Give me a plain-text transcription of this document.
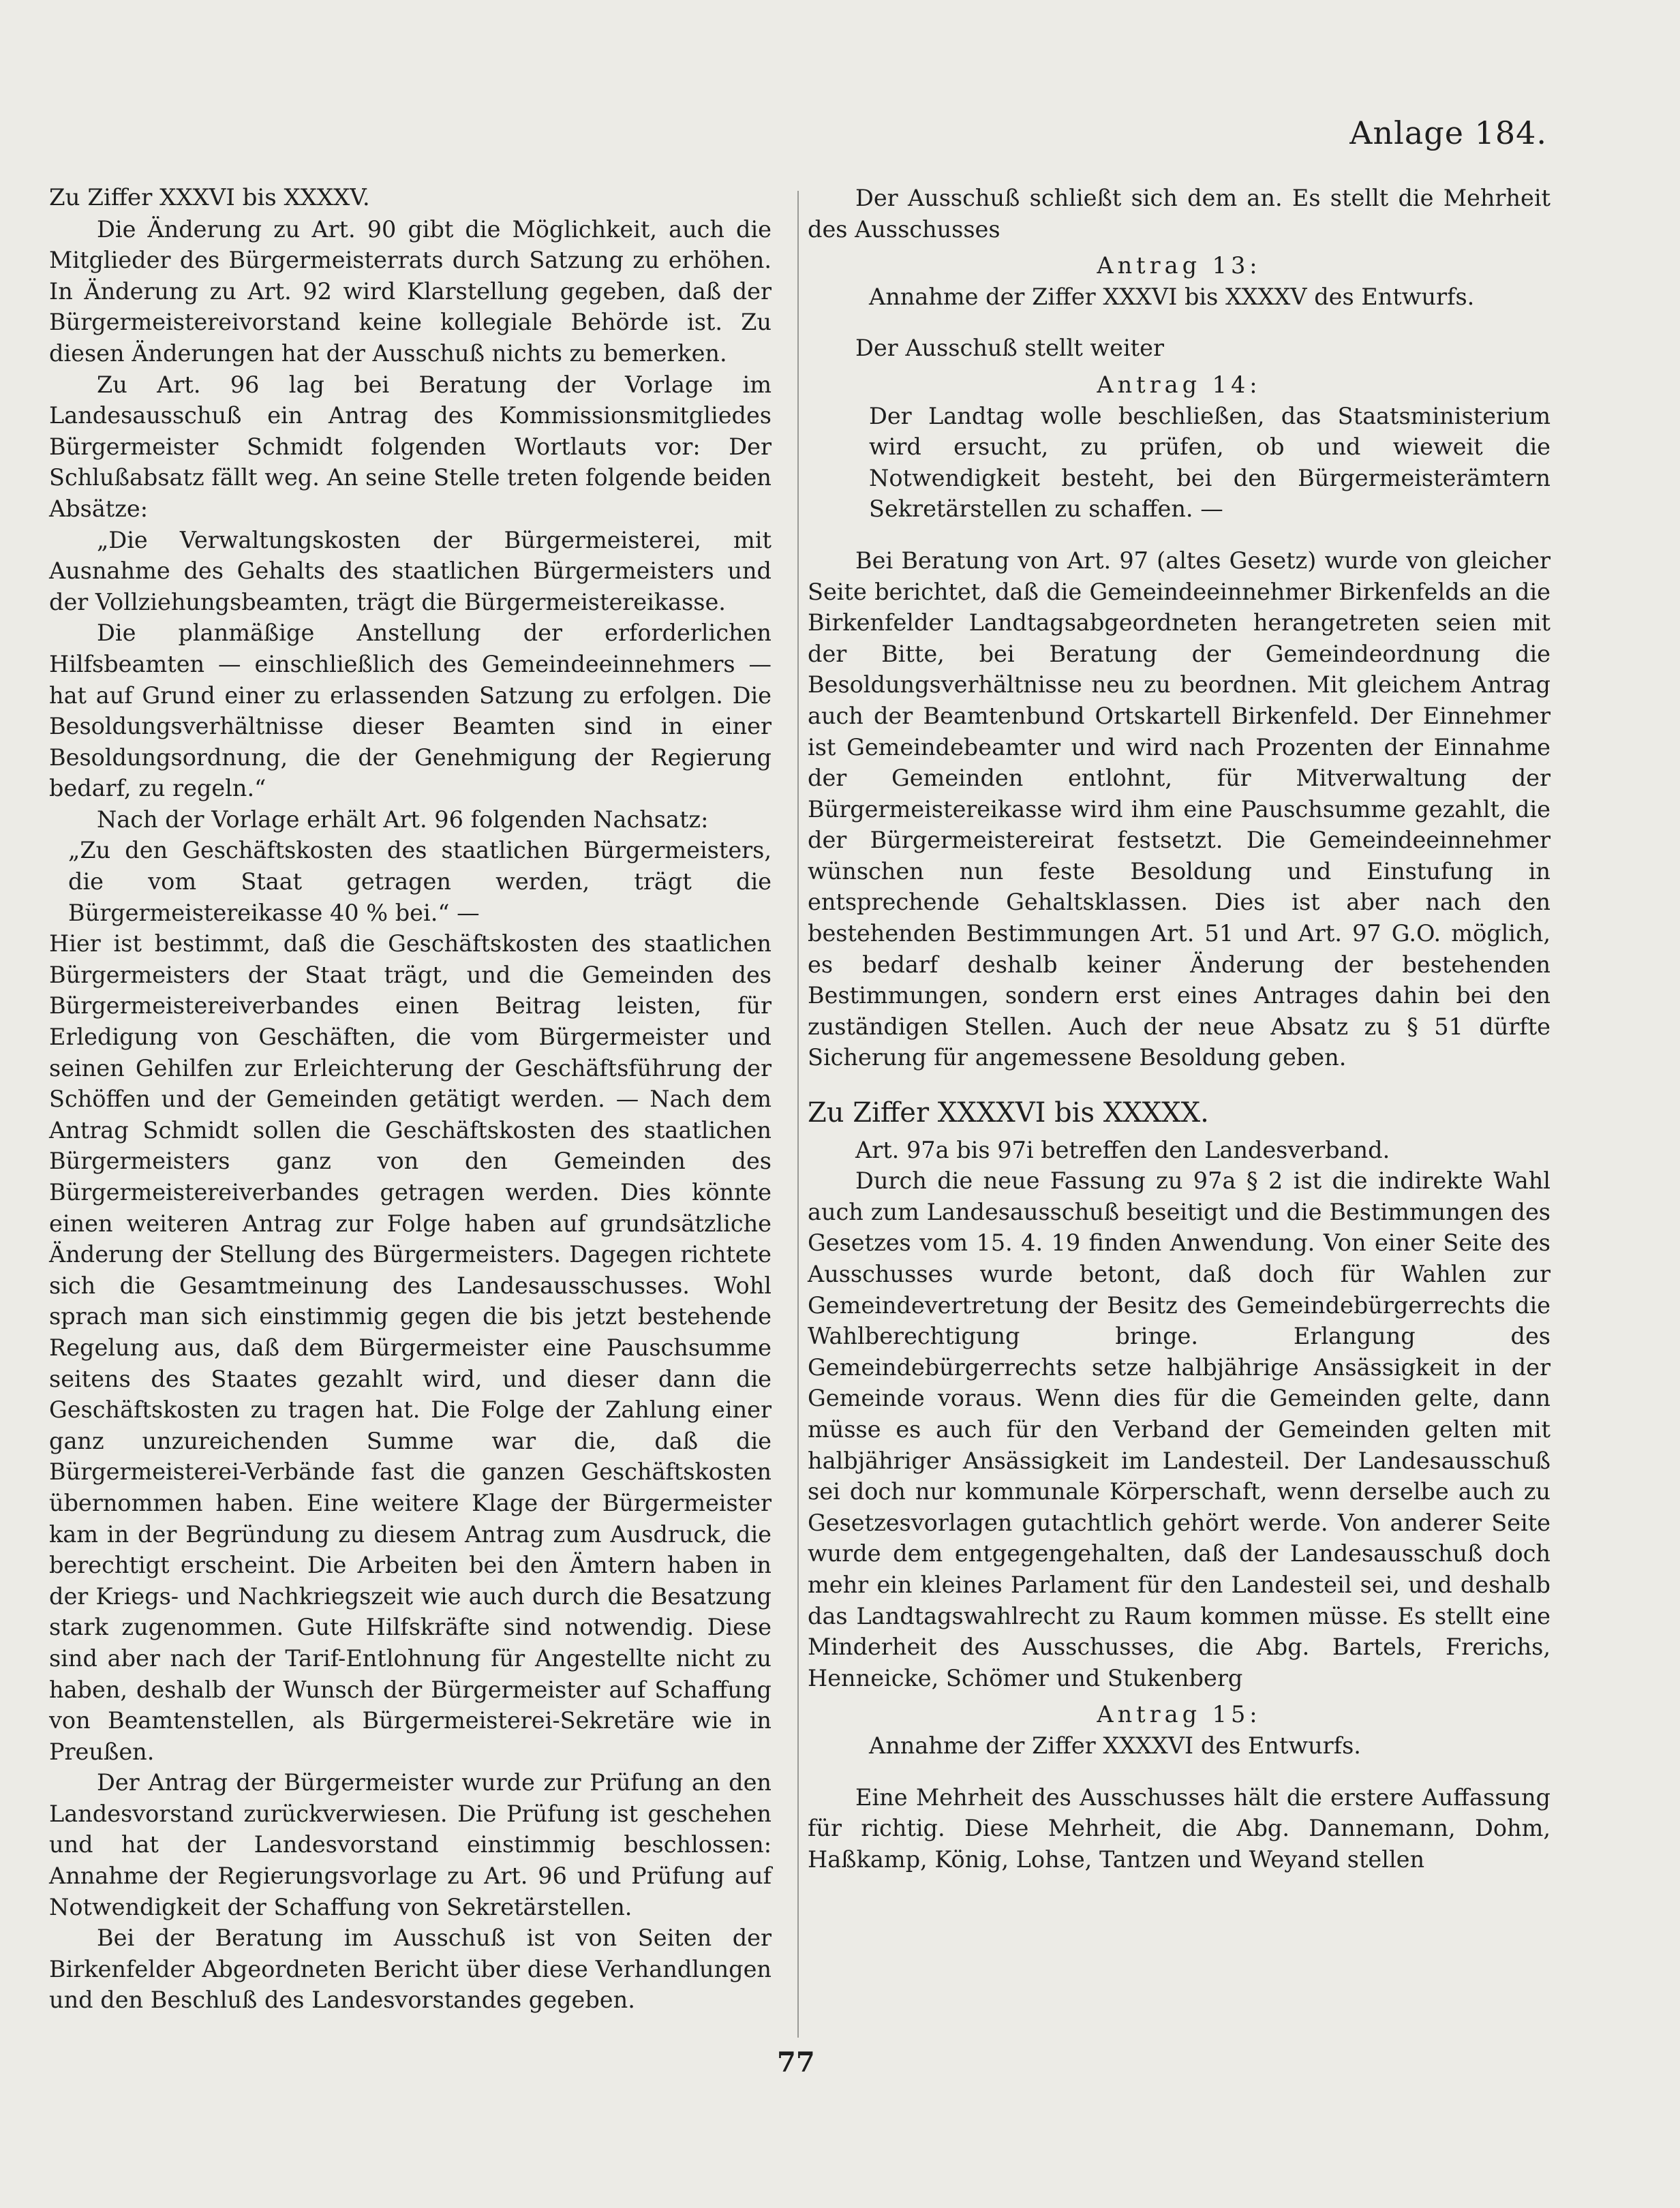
Anlage 184.
Zu Ziffer XXXVI bis XXXXV.

Die Änderung zu Art. 90 gibt die Möglichkeit, auch die Mitglieder des Bürgermeisterrats durch Satzung zu erhöhen. In Änderung zu Art. 92 wird Klarstellung gegeben, daß der Bürgermeistereivorstand keine kollegiale Behörde ist. Zu diesen Änderungen hat der Ausschuß nichts zu bemerken.

Zu Art. 96 lag bei Beratung der Vorlage im Landesausschuß ein Antrag des Kommissionsmitgliedes Bürgermeister Schmidt folgenden Wortlauts vor: Der Schlußabsatz fällt weg. An seine Stelle treten folgende beiden Absätze:

„Die Verwaltungskosten der Bürgermeisterei, mit Ausnahme des Gehalts des staatlichen Bürgermeisters und der Vollziehungsbeamten, trägt die Bürgermeistereikasse.

Die planmäßige Anstellung der erforderlichen Hilfsbeamten — einschließlich des Gemeindeeinnehmers — hat auf Grund einer zu erlassenden Satzung zu erfolgen. Die Besoldungsverhältnisse dieser Beamten sind in einer Besoldungsordnung, die der Genehmigung der Regierung bedarf, zu regeln.“

Nach der Vorlage erhält Art. 96 folgenden Nachsatz:

„Zu den Geschäftskosten des staatlichen Bürgermeisters, die vom Staat getragen werden, trägt die Bürgermeistereikasse 40 % bei.“ —

Hier ist bestimmt, daß die Geschäftskosten des staatlichen Bürgermeisters der Staat trägt, und die Gemeinden des Bürgermeistereiverbandes einen Beitrag leisten, für Erledigung von Geschäften, die vom Bürgermeister und seinen Gehilfen zur Erleichterung der Geschäftsführung der Schöffen und der Gemeinden getätigt werden. — Nach dem Antrag Schmidt sollen die Geschäftskosten des staatlichen Bürgermeisters ganz von den Gemeinden des Bürgermeistereiverbandes getragen werden. Dies könnte einen weiteren Antrag zur Folge haben auf grundsätzliche Änderung der Stellung des Bürgermeisters. Dagegen richtete sich die Gesamtmeinung des Landesausschusses. Wohl sprach man sich einstimmig gegen die bis jetzt bestehende Regelung aus, daß dem Bürgermeister eine Pauschsumme seitens des Staates gezahlt wird, und dieser dann die Geschäftskosten zu tragen hat. Die Folge der Zahlung einer ganz unzureichenden Summe war die, daß die Bürgermeisterei-Verbände fast die ganzen Geschäftskosten übernommen haben. Eine weitere Klage der Bürgermeister kam in der Begründung zu diesem Antrag zum Ausdruck, die berechtigt erscheint. Die Arbeiten bei den Ämtern haben in der Kriegs- und Nachkriegszeit wie auch durch die Besatzung stark zugenommen. Gute Hilfskräfte sind notwendig. Diese sind aber nach der Tarif-Entlohnung für Angestellte nicht zu haben, deshalb der Wunsch der Bürgermeister auf Schaffung von Beamtenstellen, als Bürgermeisterei-Sekretäre wie in Preußen.

Der Antrag der Bürgermeister wurde zur Prüfung an den Landesvorstand zurückverwiesen. Die Prüfung ist geschehen und hat der Landesvorstand einstimmig beschlossen: Annahme der Regierungsvorlage zu Art. 96 und Prüfung auf Notwendigkeit der Schaffung von Sekretärstellen.

Bei der Beratung im Ausschuß ist von Seiten der Birkenfelder Abgeordneten Bericht über diese Verhandlungen und den Beschluß des Landesvorstandes gegeben.

Der Ausschuß schließt sich dem an. Es stellt die Mehrheit des Ausschusses

Antrag 13:

Annahme der Ziffer XXXVI bis XXXXV des Entwurfs.

Der Ausschuß stellt weiter

Antrag 14:

Der Landtag wolle beschließen, das Staatsministerium wird ersucht, zu prüfen, ob und wieweit die Notwendigkeit besteht, bei den Bürgermeisterämtern Sekretärstellen zu schaffen. —

Bei Beratung von Art. 97 (altes Gesetz) wurde von gleicher Seite berichtet, daß die Gemeindeeinnehmer Birkenfelds an die Birkenfelder Landtagsabgeordneten herangetreten seien mit der Bitte, bei Beratung der Gemeindeordnung die Besoldungsverhältnisse neu zu beordnen. Mit gleichem Antrag auch der Beamtenbund Ortskartell Birkenfeld. Der Einnehmer ist Gemeindebeamter und wird nach Prozenten der Einnahme der Gemeinden entlohnt, für Mitverwaltung der Bürgermeistereikasse wird ihm eine Pauschsumme gezahlt, die der Bürgermeistereirat festsetzt. Die Gemeindeeinnehmer wünschen nun feste Besoldung und Einstufung in entsprechende Gehaltsklassen. Dies ist aber nach den bestehenden Bestimmungen Art. 51 und Art. 97 G.O. möglich, es bedarf deshalb keiner Änderung der bestehenden Bestimmungen, sondern erst eines Antrages dahin bei den zuständigen Stellen. Auch der neue Absatz zu § 51 dürfte Sicherung für angemessene Besoldung geben.

Zu Ziffer XXXXVI bis XXXXX.

Art. 97a bis 97i betreffen den Landesverband.

Durch die neue Fassung zu 97a § 2 ist die indirekte Wahl auch zum Landesausschuß beseitigt und die Bestimmungen des Gesetzes vom 15. 4. 19 finden Anwendung. Von einer Seite des Ausschusses wurde betont, daß doch für Wahlen zur Gemeindevertretung der Besitz des Gemeindebürgerrechts die Wahlberechtigung bringe. Erlangung des Gemeindebürgerrechts setze halbjährige Ansässigkeit in der Gemeinde voraus. Wenn dies für die Gemeinden gelte, dann müsse es auch für den Verband der Gemeinden gelten mit halbjähriger Ansässigkeit im Landesteil. Der Landesausschuß sei doch nur kommunale Körperschaft, wenn derselbe auch zu Gesetzesvorlagen gutachtlich gehört werde. Von anderer Seite wurde dem entgegengehalten, daß der Landesausschuß doch mehr ein kleines Parlament für den Landesteil sei, und deshalb das Landtagswahlrecht zu Raum kommen müsse. Es stellt eine Minderheit des Ausschusses, die Abg. Bartels, Frerichs, Henneicke, Schömer und Stukenberg

Antrag 15:

Annahme der Ziffer XXXXVI des Entwurfs.

Eine Mehrheit des Ausschusses hält die erstere Auffassung für richtig. Diese Mehrheit, die Abg. Dannemann, Dohm, Haßkamp, König, Lohse, Tantzen und Weyand stellen

77
